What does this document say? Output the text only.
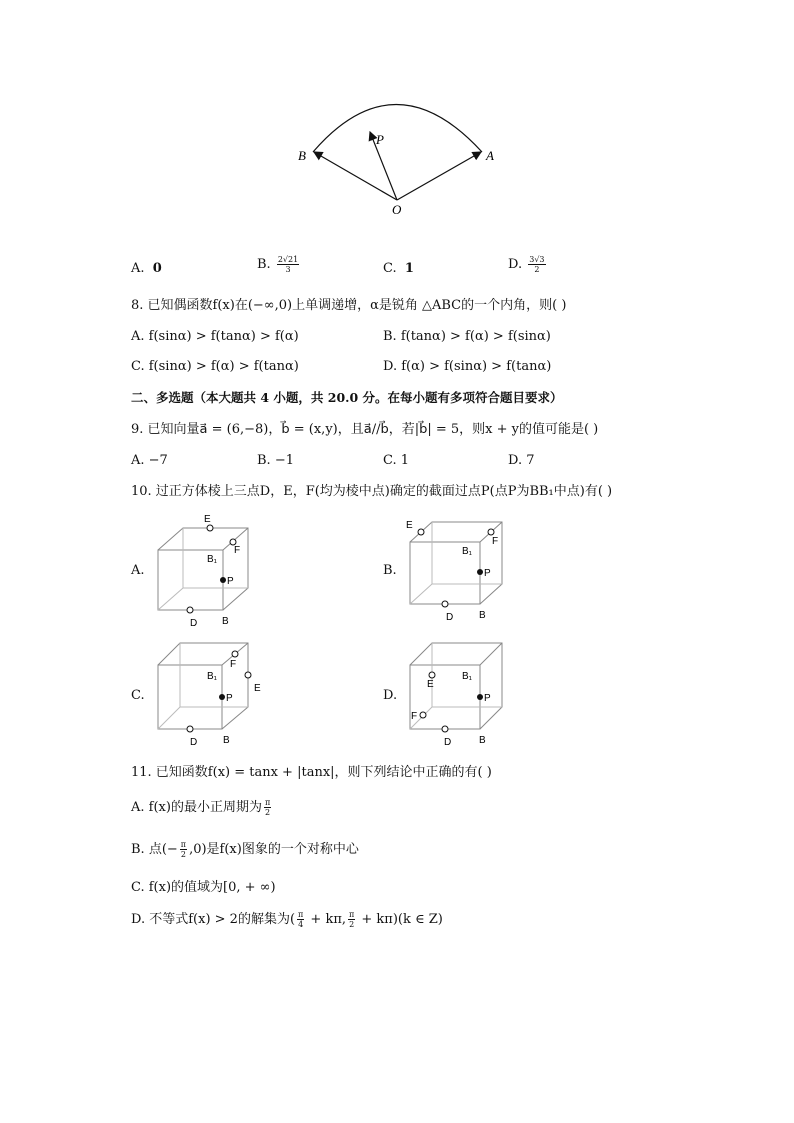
B	A
O
P
A. 0	B. $\frac{2√21}{3}$	C. 1	D. $\frac{3√3}{2}$
8. 已知偶函数f(x)在(−∞,0)上单调递增，α是锐角 △ABC的一个内角，则( )
A. f(sinα) > f(tanα) > f(α)	B. f(tanα) > f(α) > f(sinα)
C. f(sinα) > f(α) > f(tanα)	D. f(α) > f(sinα) > f(tanα)
二、多选题（本大题共 4 小题，共 20.0 分。在每小题有多项符合题目要求）
9. 已知向量a⃗ = (6,−8)，b⃗ = (x,y)，且a⃗//b⃗，若|b⃗| = 5，则x + y的值可能是( )
A. −7	B. −1	C. 1	D. 7
10. 过正方体棱上三点D，E，F(均为棱中点)确定的截面过点P(点P为BB₁中点)有( )
A.	B.
C.	D.
E
F
B₁
P
D B
E
F
B₁
P
D	B
F
E
B₁
P
D	B
E
F
B₁
P
D	B
11. 已知函数f(x) = tanx + |tanx|，则下列结论中正确的有( )
A. f(x)的最小正周期为 $\frac{\pi}{2}$
B. 点(− $\frac{\pi}{2} ,0$)是f(x)图象的一个对称中心
C. f(x)的值域为[0, + ∞)
D. 不等式f(x) > 2的解集为( $\frac{\pi}{4} + k\pi$, $\frac{\pi}{2} + k\pi)(k$ ∈ Z)
